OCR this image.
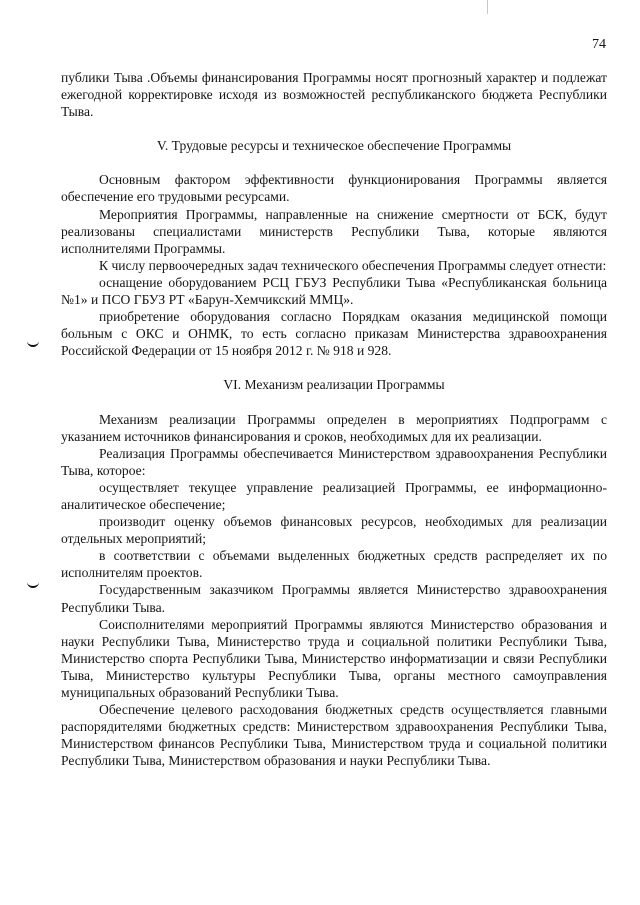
74

публики Тыва .Объемы финансирования Программы носят прогнозный характер и подлежат ежегодной корректировке исходя из возможностей республиканского бюджета Республики Тыва.

V. Трудовые ресурсы и техническое обеспечение Программы

Основным фактором эффективности функционирования Программы является обеспечение его трудовыми ресурсами.

Мероприятия Программы, направленные на снижение смертности от БСК, будут реализованы специалистами министерств Республики Тыва, которые являются исполнителями Программы.

К числу первоочередных задач технического обеспечения Программы следует отнести:

оснащение оборудованием РСЦ ГБУЗ Республики Тыва «Республиканская больница №1» и ПСО ГБУЗ РТ «Барун-Хемчикский ММЦ».

приобретение оборудования согласно Порядкам оказания медицинской помощи больным с ОКС и ОНМК, то есть согласно приказам Министерства здравоохранения Российской Федерации от 15 ноября 2012 г. № 918 и 928.

VI. Механизм реализации Программы

Механизм реализации Программы определен в мероприятиях Подпрограмм с указанием источников финансирования и сроков, необходимых для их реализации.

Реализация Программы обеспечивается Министерством здравоохранения Республики Тыва, которое:

осуществляет текущее управление реализацией Программы, ее информационно-аналитическое обеспечение;

производит оценку объемов финансовых ресурсов, необходимых для реализации отдельных мероприятий;

в соответствии с объемами выделенных бюджетных средств распределяет их по исполнителям проектов.

Государственным заказчиком Программы является Министерство здравоохранения Республики Тыва.

Соисполнителями мероприятий Программы являются Министерство образования и науки Республики Тыва, Министерство труда и социальной политики Республики Тыва, Министерство спорта Республики Тыва, Министерство информатизации и связи Республики Тыва, Министерство культуры Республики Тыва, органы местного самоуправления муниципальных образований Республики Тыва.

Обеспечение целевого расходования бюджетных средств осуществляется главными распорядителями бюджетных средств: Министерством здравоохранения Республики Тыва, Министерством финансов Республики Тыва, Министерством труда и социальной политики Республики Тыва, Министерством образования и науки Республики Тыва.
